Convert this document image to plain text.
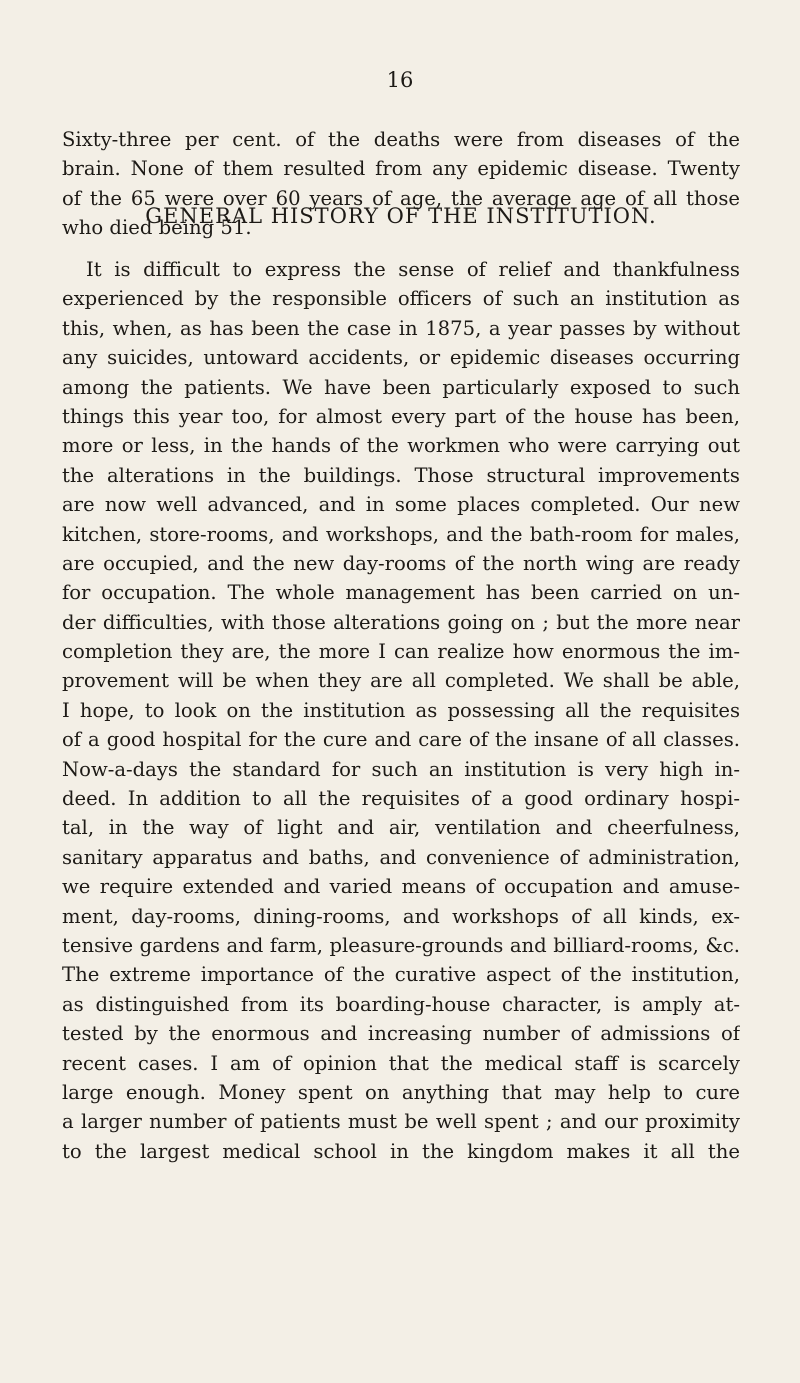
16
Sixty-three per cent. of the deaths were from diseases of the
brain. None of them resulted from any epidemic disease. Twenty
of the 65 were over 60 years of age, the average age of all those
who died being 51.
GENERAL HISTORY OF THE INSTITUTION.
It is difficult to express the sense of relief and thankfulness
experienced by the responsible officers of such an institution as
this, when, as has been the case in 1875, a year passes by without
any suicides, untoward accidents, or epidemic diseases occurring
among the patients. We have been particularly exposed to such
things this year too, for almost every part of the house has been,
more or less, in the hands of the workmen who were carrying out
the alterations in the buildings. Those structural improvements
are now well advanced, and in some places completed. Our new
kitchen, store-rooms, and workshops, and the bath-room for males,
are occupied, and the new day-rooms of the north wing are ready
for occupation. The whole management has been carried on un-
der difficulties, with those alterations going on ; but the more near
completion they are, the more I can realize how enormous the im-
provement will be when they are all completed. We shall be able,
I hope, to look on the institution as possessing all the requisites
of a good hospital for the cure and care of the insane of all classes.
Now-a-days the standard for such an institution is very high in-
deed. In addition to all the requisites of a good ordinary hospi-
tal, in the way of light and air, ventilation and cheerfulness,
sanitary apparatus and baths, and convenience of administration,
we require extended and varied means of occupation and amuse-
ment, day-rooms, dining-rooms, and workshops of all kinds, ex-
tensive gardens and farm, pleasure-grounds and billiard-rooms, &c.
The extreme importance of the curative aspect of the institution,
as distinguished from its boarding-house character, is amply at-
tested by the enormous and increasing number of admissions of
recent cases. I am of opinion that the medical staff is scarcely
large enough. Money spent on anything that may help to cure
a larger number of patients must be well spent ; and our proximity
to the largest medical school in the kingdom makes it all the
